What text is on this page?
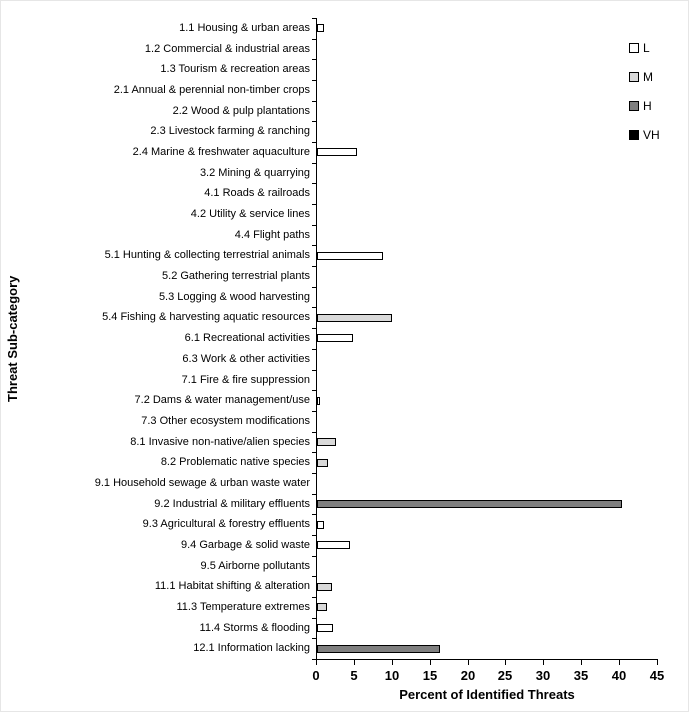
Threat Sub-category
Percent of Identified Threats
L
M
H
VH
1.1 Housing & urban areas
1.2 Commercial & industrial areas
1.3 Tourism & recreation areas
2.1 Annual & perennial non-timber crops
2.2 Wood & pulp plantations
2.3 Livestock farming & ranching
2.4 Marine & freshwater aquaculture
3.2 Mining & quarrying
4.1 Roads & railroads
4.2 Utility & service lines
4.4 Flight paths
5.1 Hunting & collecting terrestrial animals
5.2 Gathering terrestrial plants
5.3 Logging & wood harvesting
5.4 Fishing & harvesting aquatic resources
6.1 Recreational activities
6.3 Work & other activities
7.1 Fire & fire suppression
7.2 Dams & water management/use
7.3 Other ecosystem modifications
8.1 Invasive non-native/alien species
8.2 Problematic native species
9.1 Household sewage & urban waste water
9.2 Industrial & military effluents
9.3 Agricultural & forestry effluents
9.4 Garbage & solid waste
9.5 Airborne pollutants
11.1 Habitat shifting & alteration
11.3 Temperature extremes
11.4 Storms & flooding
12.1 Information lacking
0	5	10	15	20	25	30	35	40	45
